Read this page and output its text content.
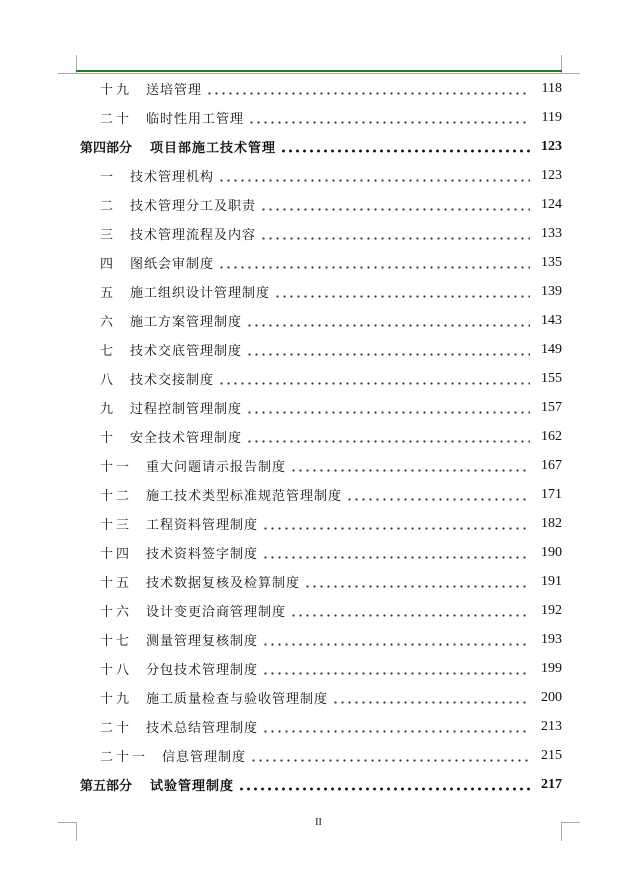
十九 送培管理	118
二十 临时性用工管理	119
第四部分 项目部施工技术管理	123
一 技术管理机构	123
二 技术管理分工及职责	124
三 技术管理流程及内容	133
四 图纸会审制度	135
五 施工组织设计管理制度	139
六 施工方案管理制度	143
七 技术交底管理制度	149
八 技术交接制度	155
九 过程控制管理制度	157
十 安全技术管理制度	162
十一 重大问题请示报告制度	167
十二 施工技术类型标准规范管理制度	171
十三 工程资料管理制度	182
十四 技术资料签字制度	190
十五 技术数据复核及检算制度	191
十六 设计变更洽商管理制度	192
十七 测量管理复核制度	193
十八 分包技术管理制度	199
十九 施工质量检查与验收管理制度	200
二十 技术总结管理制度	213
二十一 信息管理制度	215
第五部分 试验管理制度	217
II
